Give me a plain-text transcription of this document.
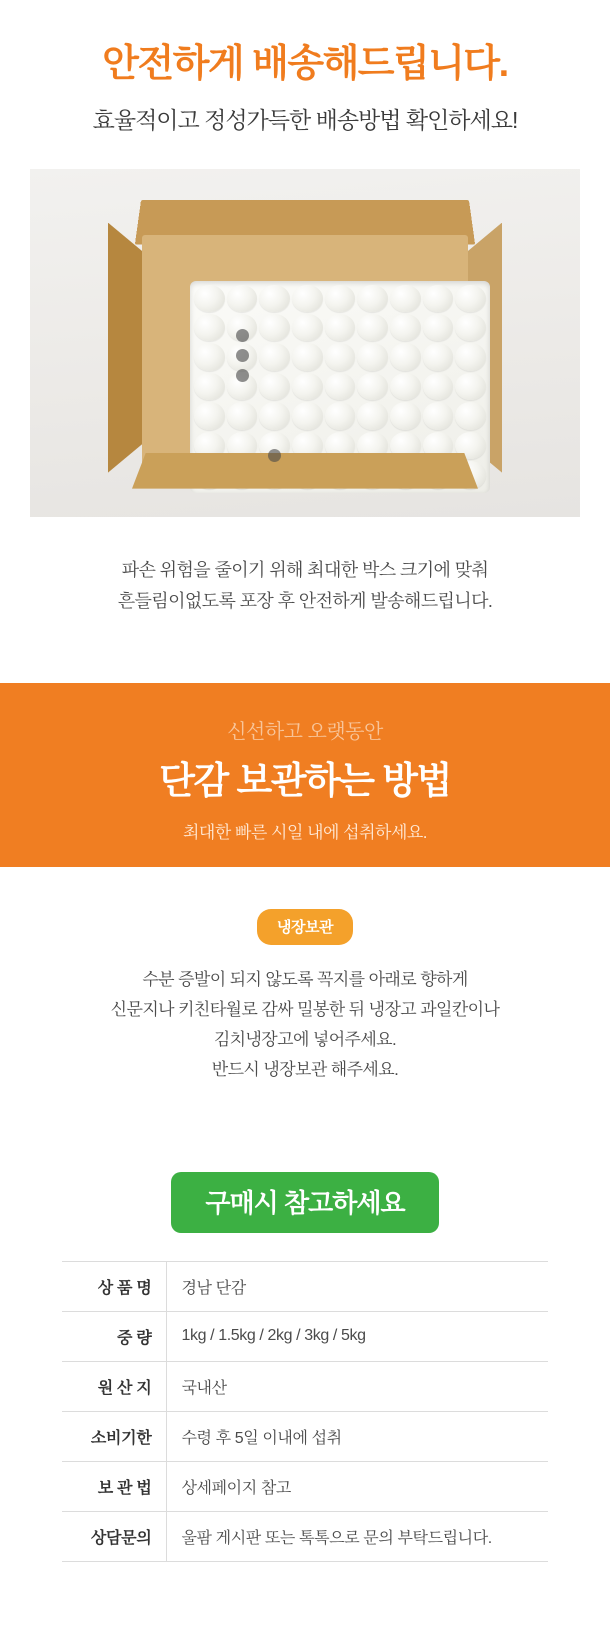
안전하게 배송해드립니다.
효율적이고 정성가득한 배송방법 확인하세요!
파손 위험을 줄이기 위해 최대한 박스 크기에 맞춰
흔들림이없도록 포장 후 안전하게 발송해드립니다.
신선하고 오랫동안
단감 보관하는 방법
최대한 빠른 시일 내에 섭취하세요.
냉장보관
수분 증발이 되지 않도록 꼭지를 아래로 향하게
신문지나 키친타월로 감싸 밀봉한 뒤 냉장고 과일칸이나
김치냉장고에 넣어주세요.
반드시 냉장보관 해주세요.
구매시 참고하세요
상 품 명	경남 단감
중 량	1kg / 1.5kg / 2kg / 3kg / 5kg
원 산 지	국내산
소비기한	수령 후 5일 이내에 섭취
보 관 법	상세페이지 참고
상담문의	울팜 게시판 또는 톡톡으로 문의 부탁드립니다.
